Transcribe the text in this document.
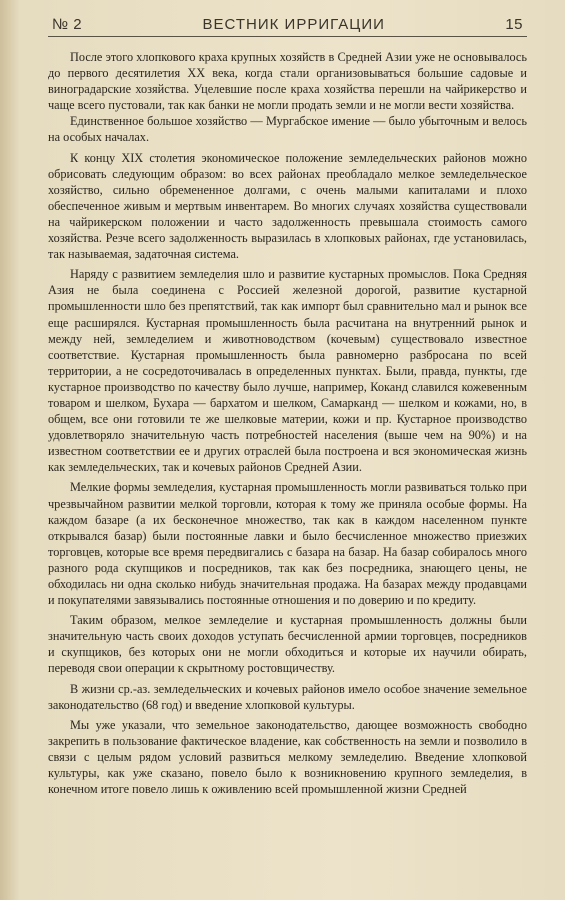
№ 2	ВЕСТНИК ИРРИГАЦИИ	15

После этого хлопкового краха крупных хозяйств в Средней Азии уже не основывалось до первого десятилетия XX века, когда стали организовываться большие садовые и виноградарские хозяйства. Уцелевшие после краха хозяйства перешли на чайрикерство и чаще всего пустовали, так как банки не могли продать земли и не могли вести хозяйства.

Единственное большое хозяйство — Мургабское имение — было убыточным и велось на особых началах.

К концу XIX столетия экономическое положение земледельческих районов можно обрисовать следующим образом: во всех районах преобладало мелкое земледельческое хозяйство, сильно обремененное долгами, с очень малыми капиталами и плохо обеспеченное живым и мертвым инвентарем. Во многих случаях хозяйства существовали на чайрикерском положении и часто задолженность превышала стоимость самого хозяйства. Резче всего задолженность выразилась в хлопковых районах, где установилась, так называемая, задаточная система.

Наряду с развитием земледелия шло и развитие кустарных промыслов. Пока Средняя Азия не была соединена с Россией железной дорогой, развитие кустарной промышленности шло без препятствий, так как импорт был сравнительно мал и рынок все еще расширялся. Кустарная промышленность была расчитана на внутренний рынок и между ней, земледелием и животноводством (кочевым) существовало известное соответствие. Кустарная промышленность была равномерно разбросана по всей территории, а не сосредоточивалась в определенных пунктах. Были, правда, пункты, где кустарное производство по качеству было лучше, например, Коканд славился кожевенным товаром и шелком, Бухара — бархатом и шелком, Самарканд — шелком и кожами, но, в общем, все они готовили те же шелковые материи, кожи и пр. Кустарное производство удовлетворяло значительную часть потребностей населения (выше чем на 90%) и на известном соответствии ее и других отраслей была построена и вся экономическая жизнь как земледельческих, так и кочевых районов Средней Азии.

Мелкие формы земледелия, кустарная промышленность могли развиваться только при чрезвычайном развитии мелкой торговли, которая к тому же приняла особые формы. На каждом базаре (а их бесконечное множество, так как в каждом населенном пункте открывался базар) были постоянные лавки и было бесчисленное множество приезжих торговцев, которые все время передвигались с базара на базар. На базар собиралось много разного рода скупщиков и посредников, так как без посредника, знающего цены, не обходилась ни одна сколько нибудь значительная продажа. На базарах между продавцами и покупателями завязывались постоянные отношения и по доверию и по кредиту.

Таким образом, мелкое земледелие и кустарная промышленность должны были значительную часть своих доходов уступать бесчисленной армии торговцев, посредников и скупщиков, без которых они не могли обходиться и которые их научили обирать, переводя свои операции к скрытному ростовщичеству.

В жизни ср.-аз. земледельческих и кочевых районов имело особое значение земельное законодательство (68 год) и введение хлопковой культуры.

Мы уже указали, что земельное законодательство, дающее возможность свободно закрепить в пользование фактическое владение, как собственность на земли и позволило в связи с целым рядом условий развиться мелкому земледелию. Введение хлопковой культуры, как уже сказано, повело было к возникновению крупного земледелия, в конечном итоге повело лишь к оживлению всей промышленной жизни Средней
